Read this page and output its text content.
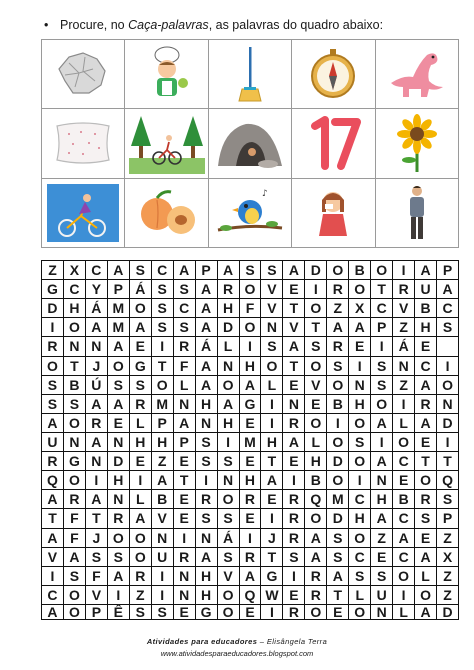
• Procure, no Caça-palavras, as palavras do quadro abaixo:
♪
Z X C A S C A P A S S A D O B O	I	A P
G C Y P Á S S A R O V E	I	R O T R U A
D H Á M O S C A H F V T O Z X C V B C
I	O A M A S S A D O N V T A A P Z H S
R N N A E	I	R Á L	I	S A S R E	I	Á E
O T J O G T F A N H O T O S	I	S N C	I
S B Ú S S O L A O A L E V O N S Z A O
S S A A R M N H A G	I	N E B H O	I	R N
A O R E L P A N H E	I	R O	I	O A L A D
U N A N H H P S	I	M H A L O S	I	O E	I
R G N D E Z E S S E T E H D O A C T T
Q O	I	H	I	A T	I	N H A	I	B O	I	N E O Q
A R A N L B E R O R E R Q M C H B R S
T F T R A V E S S E	I	R O D H A C S P
A F J O O N	I	N Á	I	J R A S O Z A E Z
V A S S O U R A S R T S A S C E C A X
I	S F A R	I	N H V A G	I	R A S S O L Z
C O V	I	Z	I	N H O Q W E R T L U	I	O Z
A O P Ê S S E G O E	I	R O E O N L A D
Atividades para educadores – Elisângela Terra
www.atividadesparaeducadores.blogspot.com
